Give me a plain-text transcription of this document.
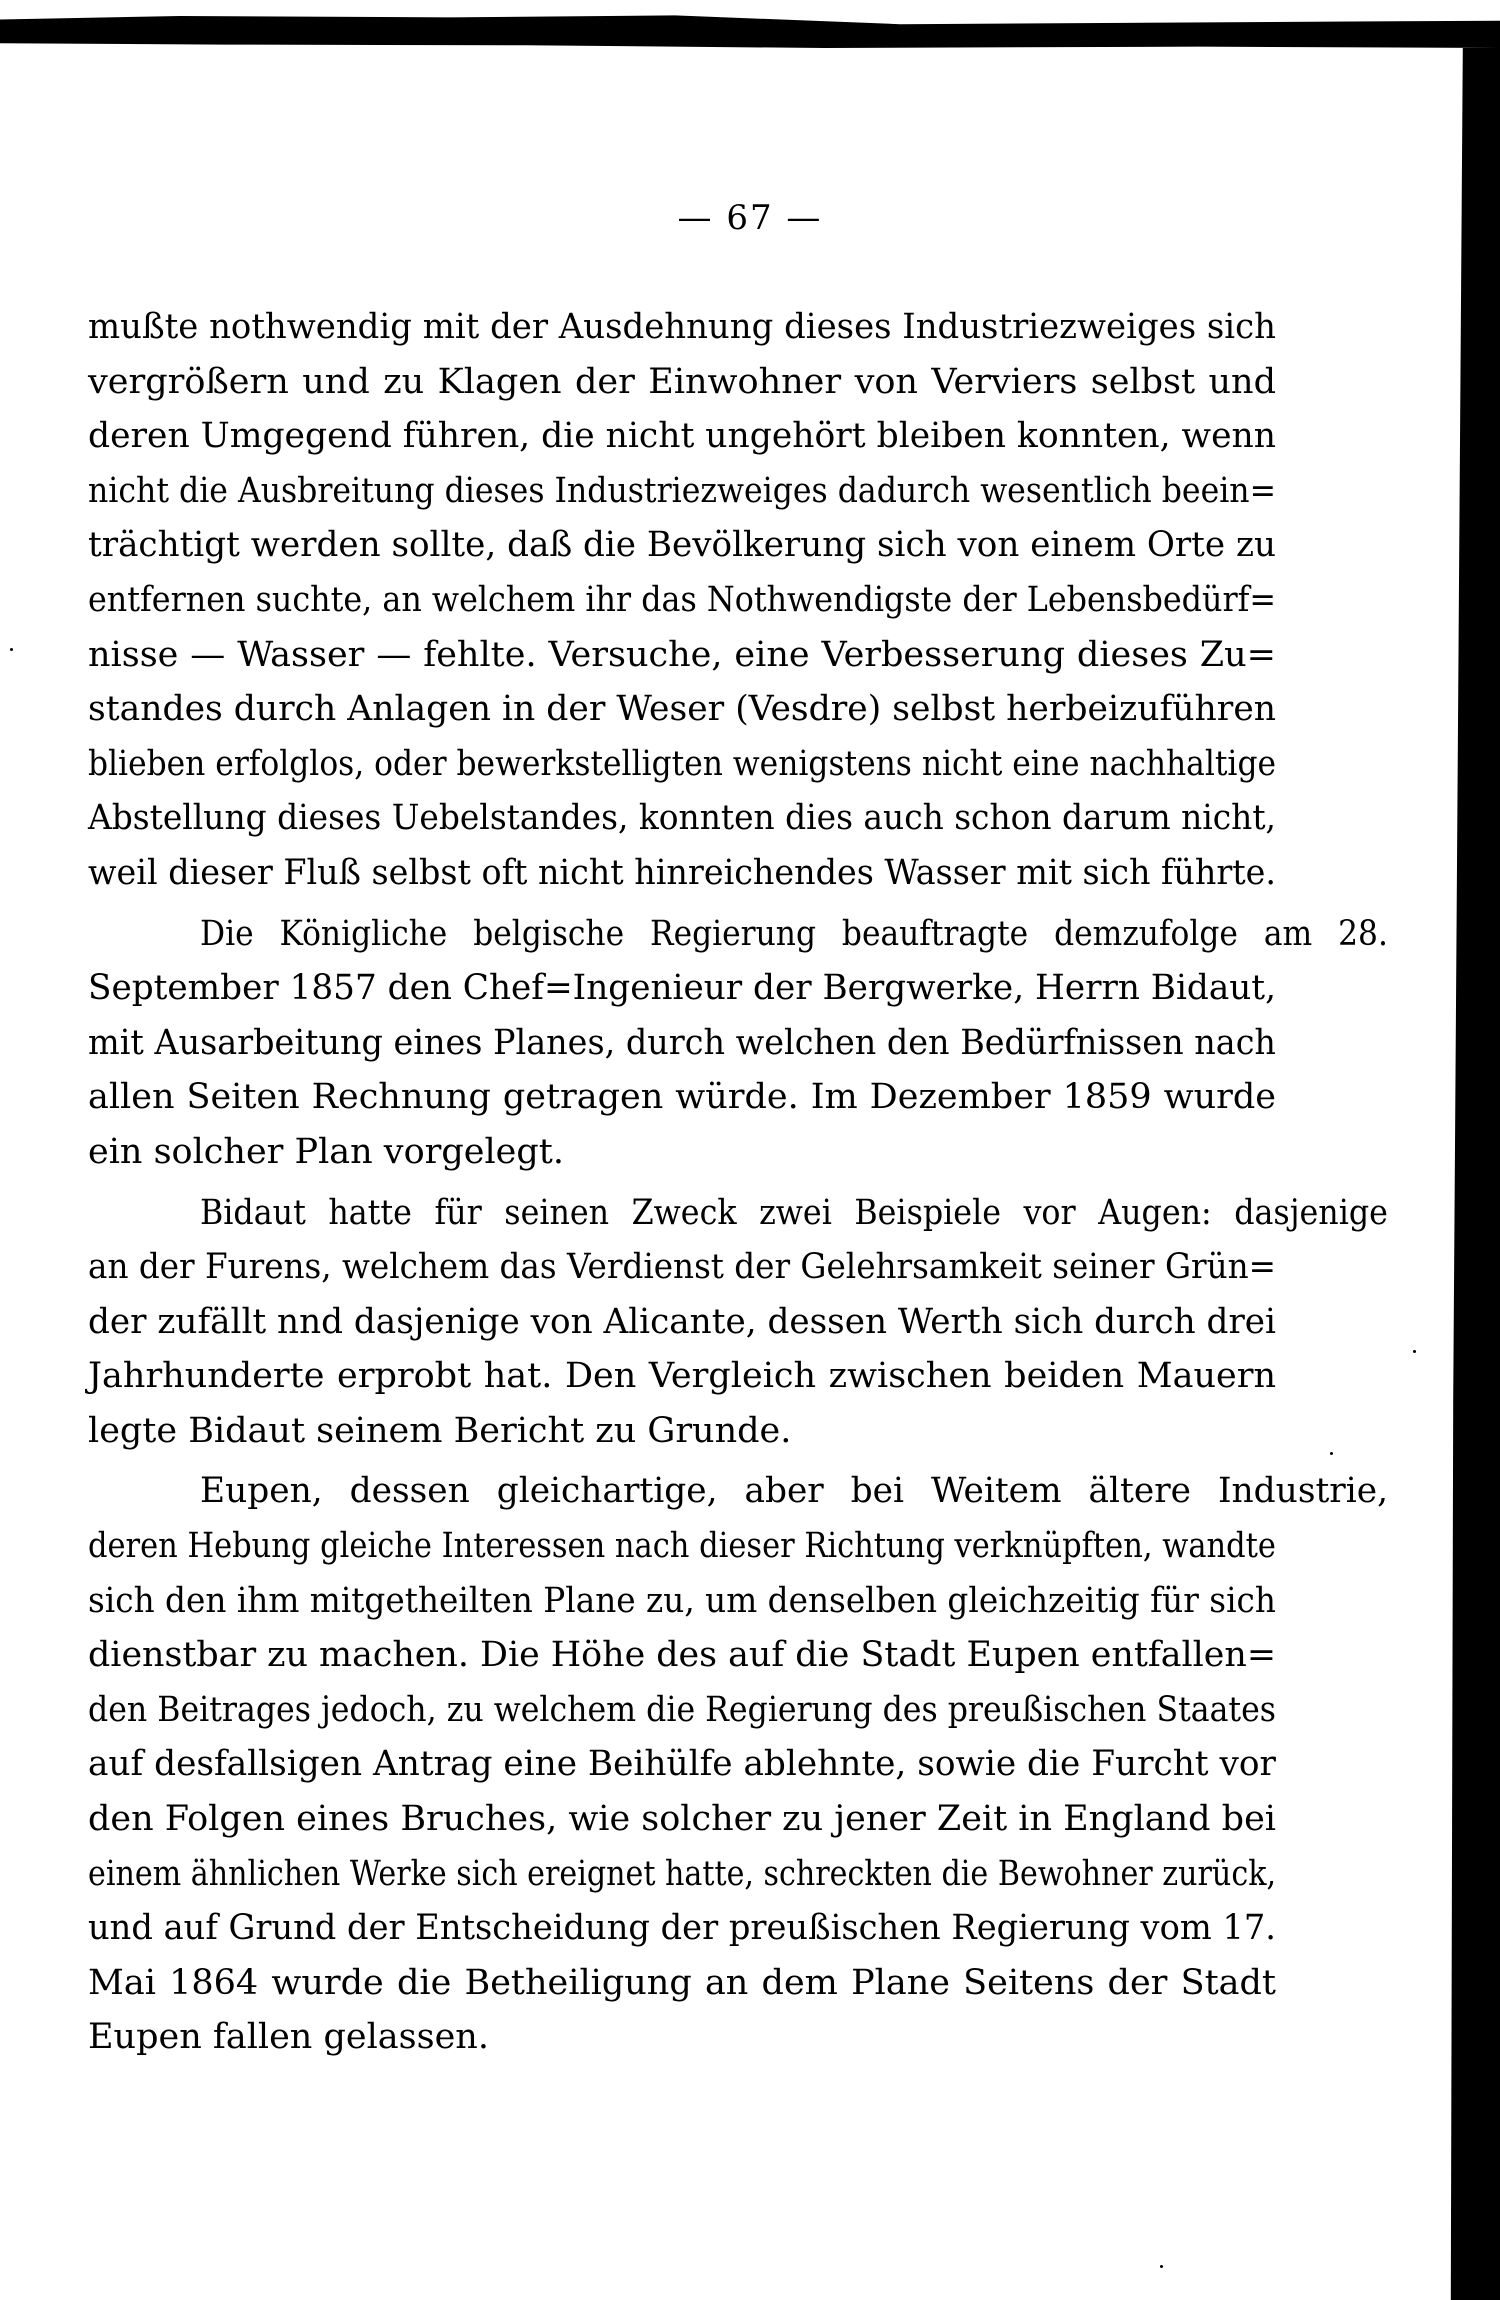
— 67 —
mußte nothwendig mit der Ausdehnung dieses Industriezweiges sich
vergrößern und zu Klagen der Einwohner von Verviers selbst und
deren Umgegend führen, die nicht ungehört bleiben konnten, wenn
nicht die Ausbreitung dieses Industriezweiges dadurch wesentlich beein=
trächtigt werden sollte, daß die Bevölkerung sich von einem Orte zu
entfernen suchte, an welchem ihr das Nothwendigste der Lebensbedürf=
nisse — Wasser — fehlte. Versuche, eine Verbesserung dieses Zu=
standes durch Anlagen in der Weser (Vesdre) selbst herbeizuführen
blieben erfolglos, oder bewerkstelligten wenigstens nicht eine nachhaltige
Abstellung dieses Uebelstandes, konnten dies auch schon darum nicht,
weil dieser Fluß selbst oft nicht hinreichendes Wasser mit sich führte.
Die Königliche belgische Regierung beauftragte demzufolge am 28.
September 1857 den Chef=Ingenieur der Bergwerke, Herrn Bidaut,
mit Ausarbeitung eines Planes, durch welchen den Bedürfnissen nach
allen Seiten Rechnung getragen würde. Im Dezember 1859 wurde
ein solcher Plan vorgelegt.
Bidaut hatte für seinen Zweck zwei Beispiele vor Augen: dasjenige
an der Furens, welchem das Verdienst der Gelehrsamkeit seiner Grün=
der zufällt nnd dasjenige von Alicante, dessen Werth sich durch drei
Jahrhunderte erprobt hat. Den Vergleich zwischen beiden Mauern
legte Bidaut seinem Bericht zu Grunde.
Eupen, dessen gleichartige, aber bei Weitem ältere Industrie,
deren Hebung gleiche Interessen nach dieser Richtung verknüpften, wandte
sich den ihm mitgetheilten Plane zu, um denselben gleichzeitig für sich
dienstbar zu machen. Die Höhe des auf die Stadt Eupen entfallen=
den Beitrages jedoch, zu welchem die Regierung des preußischen Staates
auf desfallsigen Antrag eine Beihülfe ablehnte, sowie die Furcht vor
den Folgen eines Bruches, wie solcher zu jener Zeit in England bei
einem ähnlichen Werke sich ereignet hatte, schreckten die Bewohner zurück,
und auf Grund der Entscheidung der preußischen Regierung vom 17.
Mai 1864 wurde die Betheiligung an dem Plane Seitens der Stadt
Eupen fallen gelassen.
